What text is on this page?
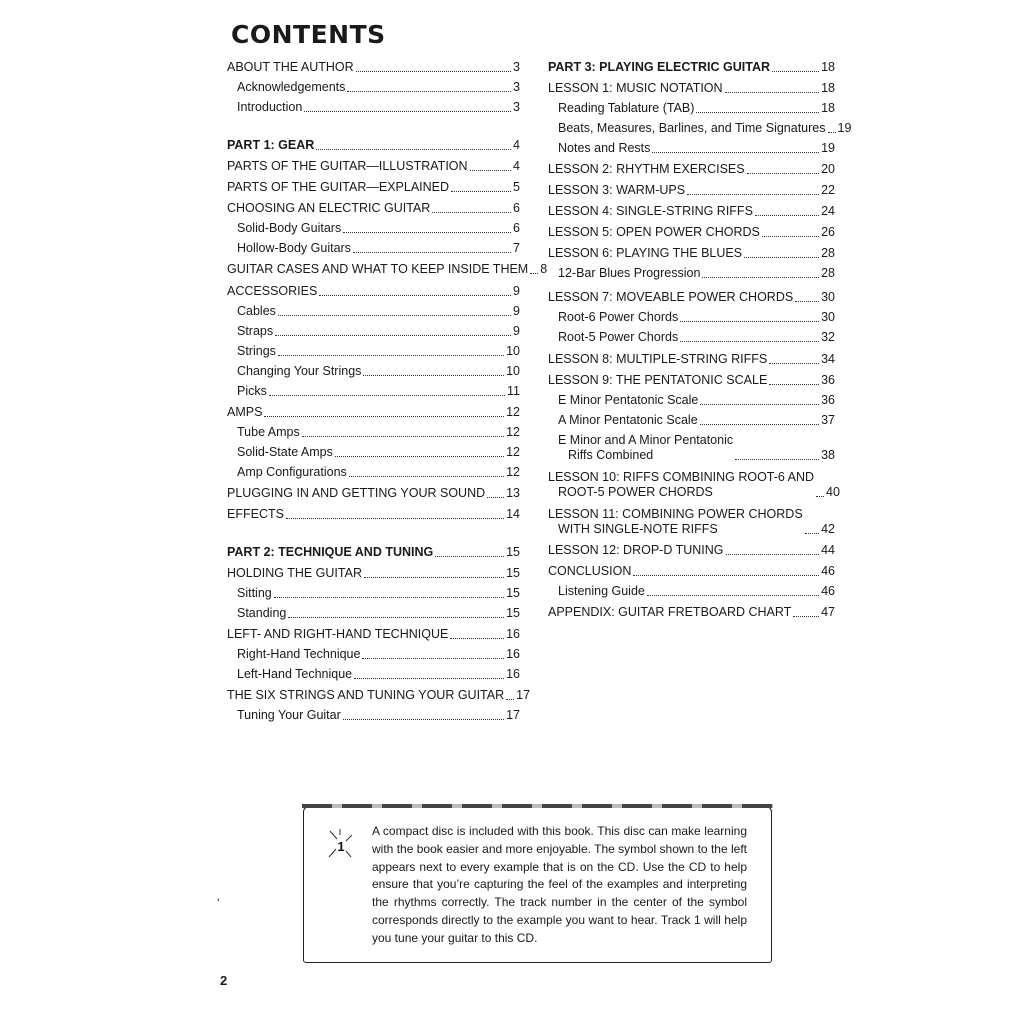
CONTENTS
ABOUT THE AUTHOR	3
Acknowledgements	3
Introduction	3
PART 1: GEAR	4
PARTS OF THE GUITAR—ILLUSTRATION	4
PARTS OF THE GUITAR—EXPLAINED	5
CHOOSING AN ELECTRIC GUITAR	6
Solid-Body Guitars	6
Hollow-Body Guitars	7
GUITAR CASES AND WHAT TO KEEP INSIDE THEM 8
ACCESSORIES	9
Cables	9
Straps	9
Strings	10
Changing Your Strings	10
Picks	11
AMPS	12
Tube Amps	12
Solid-State Amps	12
Amp Configurations	12
PLUGGING IN AND GETTING YOUR SOUND 13
EFFECTS	14
PART 2: TECHNIQUE AND TUNING	15
HOLDING THE GUITAR	15
Sitting	15
Standing	15
LEFT- AND RIGHT-HAND TECHNIQUE	16
Right-Hand Technique	16
Left-Hand Technique	16
THE SIX STRINGS AND TUNING YOUR GUITAR 17
Tuning Your Guitar	17
PART 3: PLAYING ELECTRIC GUITAR	18
LESSON 1: MUSIC NOTATION	18
Reading Tablature (TAB)	18
Beats, Measures, Barlines, and Time Signatures 19
Notes and Rests	19
LESSON 2: RHYTHM EXERCISES	20
LESSON 3: WARM-UPS	22
LESSON 4: SINGLE-STRING RIFFS	24
LESSON 5: OPEN POWER CHORDS	26
LESSON 6: PLAYING THE BLUES	28
12-Bar Blues Progression	28
LESSON 7: MOVEABLE POWER CHORDS 30
Root-6 Power Chords	30
Root-5 Power Chords	32
LESSON 8: MULTIPLE-STRING RIFFS	34
LESSON 9: THE PENTATONIC SCALE	36
E Minor Pentatonic Scale	36
A Minor Pentatonic Scale	37
E Minor and A Minor Pentatonic
Riffs Combined	38
LESSON 10: RIFFS COMBINING ROOT-6 AND
ROOT-5 POWER CHORDS	40
LESSON 11: COMBINING POWER CHORDS
WITH SINGLE-NOTE RIFFS	42
LESSON 12: DROP-D TUNING	44
CONCLUSION	46
Listening Guide	46
APPENDIX: GUITAR FRETBOARD CHART 47
1
A compact disc is included with this book. This disc can make learning with the book easier and more enjoyable. The symbol shown to the left appears next to every example that is on the CD. Use the CD to help ensure that you’re capturing the feel of the examples and interpreting the rhythms correctly. The track number in the center of the symbol corresponds directly to the example you want to hear. Track 1 will help you tune your guitar to this CD.
'
2
